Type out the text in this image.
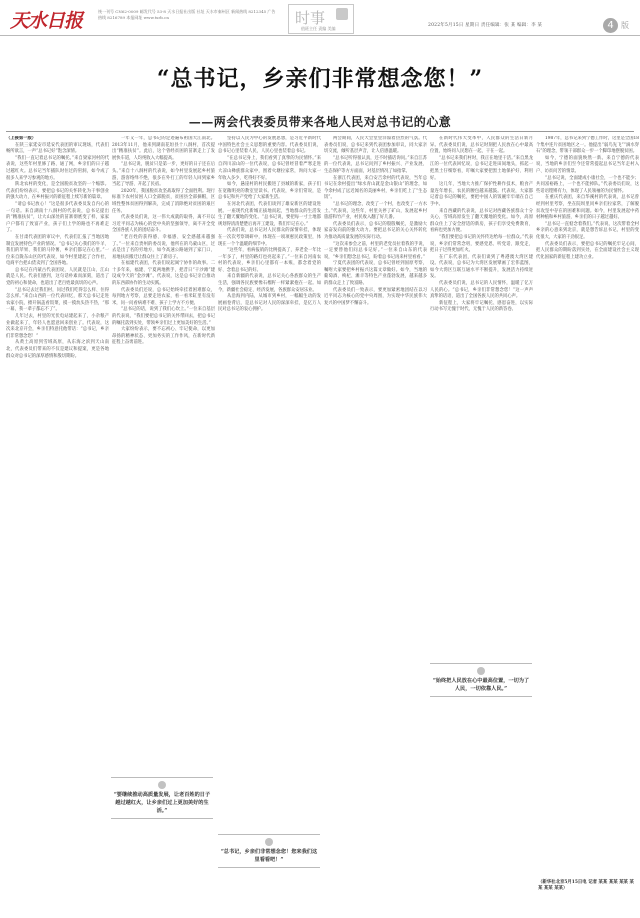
天水日报	统一刊号 CN62-0009 邮发代号 53-8 天水日报社出版 社址 天水市秦州区 新闻热线 8212345 广告热线 8216789 本报网址 www.tsrb.cn	时事
值班主任 责编 美编
2022年5月15日 星期日 责任编辑：张 某 编辑：李 某	4 版
“总书记，乡亲们非常想念您！”
——两会代表委员带来各地人民对总书记的心意

（上接第一版）

在陕三家延安市延安代表团的审议现场，代表们畅所欲言，一声“总书记好”饱含深情。

“我们一直记着总书记的嘱托。”来自梁家河村的代表说，这些年村里修了路、通了网，乡亲们的日子越过越红火。总书记当年插队时住过的窑洞，如今成了很多人来学习参观的地方。

陕北农村的变化，是全国脱贫攻坚的一个缩影。代表们纷纷表示，要把总书记的关怀转化为干事创业的强大动力，在乡村振兴的新征程上续写新的篇章。

“请总书记放心！”这是很多代表委员发自内心的一句话。来自湖南十八洞村的代表说，总书记提出的“精准扶贫”，让大山深处的苗寨彻底变了样，家家户户都有了致富产业，孩子们上学的路也不再难走了。

在甘肃代表团的审议中，代表们汇报了当地因地制宜发展特色产业的情况。“总书记关心我们的牛羊、我们的苹果、我们的马铃薯，乡亲们都记在心里。”一位来自陇东山区的代表说，如今村里建起了合作社，电商平台把山货卖到了全国各地。

总书记在内蒙古代表团说，人民就是江山，江山就是人民。代表们感到，这句话朴素而深刻，道出了党的初心和使命，也道出了老百姓最真切的心声。

“总书记去过我们村，问过我们吃得怎么样、住得怎么样。”来自山西的一位代表回忆，那天总书记走进农家小院，掀开锅盖看饭菜，摸一摸炕头热不热，“那一幕，我一辈子都忘不了”。

几年过去，村里的光伏电站建起来了，小杂粮产业做起来了，年轻人也愿意回来创业了。代表说，这次来北京开会，乡亲们特意托他带话：“总书记，乡亲们非常想念您！”

从黄土高原到雪域高原，从东海之滨到天山南北，代表委员们带来的不仅是建议和提案，更是各地群众对总书记的深厚感情和殷切期盼。

一年又一年，总书记的足迹遍布祖国大江南北。2013年11月，他来到湖南花垣县十八洞村，首次提出“精准扶贫”。此后，这个曾经贫困的苗寨走上了发展快车道，人均纯收入大幅提高。

“总书记说，脱贫只是第一步，更好的日子还在后头。”来自十八洞村的代表说，如今村里发展起乡村旅游，游客络绎不绝，很多在外打工的年轻人回到家乡当起了导游、开起了民宿。

2020年，我国脱贫攻坚战取得了全面胜利。现行标准下农村贫困人口全部脱贫，贫困县全部摘帽，区域性整体贫困得到解决，完成了消除绝对贫困的艰巨任务。

代表委员们说，这一伟大成就的取得，离不开以习近平同志为核心的党中央的坚强领导，离不开全党全国各族人民的团结奋斗。

“老百姓的获得感、幸福感、安全感越来越强了。”一位来自贵州的委员说，他所在的乌蒙山区，过去是出了名的穷地方，如今高速公路通到了家门口，易地扶贫搬迁让群众住上了新房子。

在福建代表团，代表们说起闽宁协作的故事。二十多年来，福建、宁夏两地携手，把昔日“干沙滩”建设成今天的“金沙滩”。代表说，这是总书记亲自推动的东西部协作的生动实践。

代表委员们还说，总书记始终牵挂着困难群众，每到地方考察，总要走进农家，看一看米缸里有没有米，问一问看病难不难、孩子上学方不方便。

“总书记的话，说到了我们心坎上。”一位来自基层的代表说，“我们要把总书记的关怀带回去，把总书记的嘱托落到实处，带领乡亲们过上更加美好的生活。”

大家纷纷表示，要不忘初心、牢记使命，以更加昂扬的精神状态、更加务实的工作作风，在新时代新征程上奋勇前进。

坚持以人民为中心的发展思想，是习近平新时代中国特色社会主义思想的重要内容。代表委员们说，总书记心里装着人民，人民心里也装着总书记。

“在总书记身上，我们看到了真挚的为民情怀。”来自四川凉山的一位代表说，总书记曾经冒着严寒走进大凉山彝族群众家中，围着火塘拉家常，询问大家一年收入多少、吃得好不好。

如今，悬崖村的村民搬进了县城的新家，孩子们在宽敞明亮的教室里读书。代表说，乡亲们常说，是总书记和共产党给了大家新生活。

在河北代表团，代表们谈到了雄安新区的建设进展。一座现代化新城正拔地而起，当地群众的生活发生了翻天覆地的变化。“总书记说，要把每一寸土地都规划得清清楚楚后再开工建设，我们牢记在心。”

代表们说，总书记对人民群众的深情牵挂，体现在一次次考察调研中，体现在一项项惠民政策里，体现在一个个温暖的细节中。

“这些年，看病报销的比例提高了，养老金一年比一年多了，村里的路灯也亮起来了。”一位来自河南农村的代表说，乡亲们心里都有一本账，都念着党的好、念着总书记的好。

来自新疆的代表说，总书记关心各族群众的生产生活，强调各民族要像石榴籽一样紧紧抱在一起。如今，新疆社会稳定、经济发展，各族群众安居乐业。

从沿海到内陆，从城市到乡村，一幅幅生动的发展画卷背后，是总书记对人民的深深牵挂，是亿万人民对总书记的衷心拥护。

两会期间，人民大会堂里洋溢着热烈的气氛。代表委员们说，总书记来到代表团参加审议，同大家亲切交流，倾听基层声音，让人倍感温暖。

“总书记听得很认真，还不时插话询问。”来自江苏的一位代表说，总书记问到了乡村振兴、产业发展、生态保护等方方面面，对基层情况了如指掌。

在浙江代表团，来自安吉余村的代表说，当年总书记在余村提出“绿水青山就是金山银山”的理念，如今余村成了远近闻名的美丽乡村，乡亲们吃上了“生态饭”。

“总书记的理念，改变了一个村，也改变了一方水土。”代表说，这些年，村里关停了矿山，发展起乡村旅游和竹产业，村民收入翻了好几番。

代表委员们表示，总书记的殷殷嘱托，是激励大家奋发向前的强大动力。要把总书记的关心关怀转化为推动高质量发展的实际行动。

“这次来参会之前，村里的老党员拉着我的手说，一定要替他们问总书记好。”一位来自山东的代表说，“乡亲们想念总书记，盼着总书记再来村里看看。”

宁夏代表团的代表说，总书记曾经到固原考察，嘱咐大家要把乡村振兴这篇文章做好。如今，当地的葡萄酒、枸杞、滩羊等特色产业蓬勃发展，越来越多的群众走上了致富路。

代表委员们一致表示，要更加紧密地团结在以习近平同志为核心的党中央周围，为实现中华民族伟大复兴的中国梦不懈奋斗。

在新时代伟大变革中，人民群众的生活日新月异。代表委员们说，总书记时刻把人民放在心中最高位置，始终同人民想在一起、干在一起。

“总书记来我们村时，我正在地里干活。”来自黑龙江的一位代表回忆说，总书记走进田间地头，抓起一把黑土仔细察看，叮嘱大家要把黑土地保护好、利用好。

这几年，当地大力推广保护性耕作技术，粮食产量连年增长，农民的腰包越来越鼓。代表说，大家都记着总书记的嘱托，要把中国人的饭碗牢牢端在自己手中。

来自西藏的代表说，总书记对西藏各族群众十分关心，雪域高原发生了翻天覆地的变化。如今，高原群众住上了安全舒适的新房，孩子们享受免费教育，看病也更加方便。

“我们要把总书记的关怀传达给每一位群众。”代表说，乡亲们常常念叨，要感党恩、听党话、跟党走，把日子过得更加红火。

在广东代表团，代表们谈到了粤港澳大湾区建设。代表说，总书记为大湾区发展擘画了宏伟蓝图，如今大湾区互联互通水平不断提升，发展活力持续迸发。

代表委员们说，总书记的人民情怀，温暖了亿万人民的心。“总书记，乡亲们非常想念您！”这一声声真挚的话语，道出了全国各族人民的共同心声。

新征程上，大家将牢记嘱托、感恩奋进，以实际行动书写无愧于时代、无愧于人民的新答卷。

1987年，总书记来到宁德工作时，这里是全国18个集中连片贫困地区之一。他提出“弱鸟先飞”“滴水穿石”的理念，带领干部群众一步一个脚印地摆脱贫困。

如今，宁德的面貌焕然一新。来自宁德的代表说，当地的乡亲们至今还常常提起总书记当年走村入户、访贫问苦的情景。

“总书记说，全面建成小康社会，一个也不能少；共同富裕路上，一个也不能掉队。”代表委员们说，这些话语铿锵有力，体现了人民领袖的为民情怀。

在重庆代表团，来自华溪村的代表说，总书记曾经到村里考察，坐在院坝里同乡亲们拉家常，了解脱贫攻坚中存在的困难和问题。如今，村里发展起中药材种植和乡村旅游，乡亲们的日子越过越好。

“总书记一直惦念着我们。”代表说，这次带着全村乡亲的心意来到北京，就是想告诉总书记，村里的变化很大，大家的干劲很足。

代表委员们表示，要把总书记的嘱托牢记心间，把人民群众的期盼落到实处，在全面建设社会主义现代化国家的新征程上建功立业。

“要继续推动高质量发展，让老百姓的日子越过越红火，让乡亲们过上更加美好的生活。”
“总书记，乡亲们非常想念您！您来我们这里看看吧！”
“始终把人民放在心中最高位置，一切为了人民，一切依靠人民。”
（新华社北京5月15日电 记者 某某 某某 某某 某某 某某 某某）
